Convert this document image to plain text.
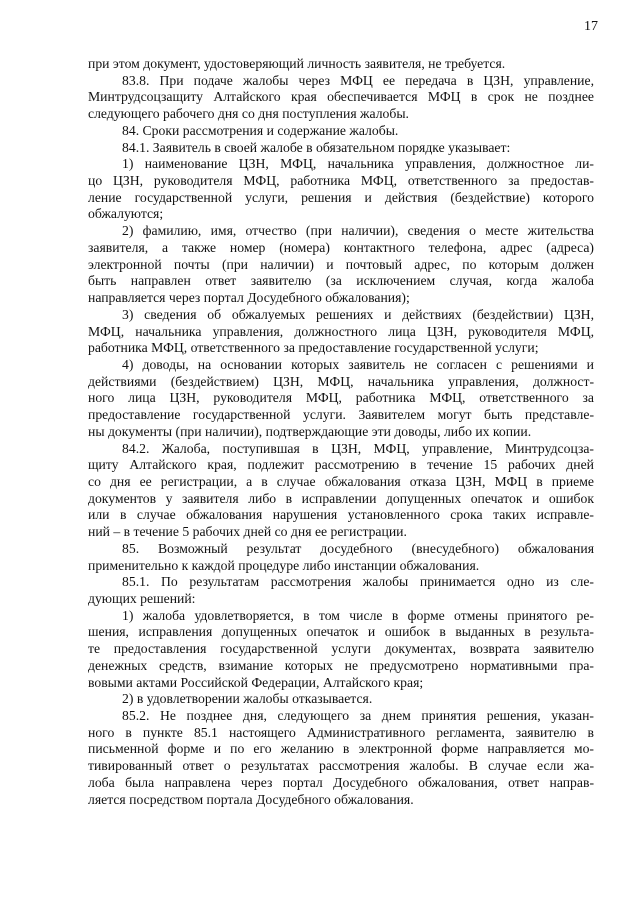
17
при этом документ, удостоверяющий личность заявителя, не требуется.
83.8. При подаче жалобы через МФЦ ее передача в ЦЗН, управление,
Минтрудсоцзащиту Алтайского края обеспечивается МФЦ в срок не позднее
следующего рабочего дня со дня поступления жалобы.
84. Сроки рассмотрения и содержание жалобы.
84.1. Заявитель в своей жалобе в обязательном порядке указывает:
1) наименование ЦЗН, МФЦ, начальника управления, должностное ли-
цо ЦЗН, руководителя МФЦ, работника МФЦ, ответственного за предостав-
ление государственной услуги, решения и действия (бездействие) которого
обжалуются;
2) фамилию, имя, отчество (при наличии), сведения о месте жительства
заявителя, а также номер (номера) контактного телефона, адрес (адреса)
электронной почты (при наличии) и почтовый адрес, по которым должен
быть направлен ответ заявителю (за исключением случая, когда жалоба
направляется через портал Досудебного обжалования);
3) сведения об обжалуемых решениях и действиях (бездействии) ЦЗН,
МФЦ, начальника управления, должностного лица ЦЗН, руководителя МФЦ,
работника МФЦ, ответственного за предоставление государственной услуги;
4) доводы, на основании которых заявитель не согласен с решениями и
действиями (бездействием) ЦЗН, МФЦ, начальника управления, должност-
ного лица ЦЗН, руководителя МФЦ, работника МФЦ, ответственного за
предоставление государственной услуги. Заявителем могут быть представле-
ны документы (при наличии), подтверждающие эти доводы, либо их копии.
84.2. Жалоба, поступившая в ЦЗН, МФЦ, управление, Минтрудсоцза-
щиту Алтайского края, подлежит рассмотрению в течение 15 рабочих дней
со дня ее регистрации, а в случае обжалования отказа ЦЗН, МФЦ в приеме
документов у заявителя либо в исправлении допущенных опечаток и ошибок
или в случае обжалования нарушения установленного срока таких исправле-
ний – в течение 5 рабочих дней со дня ее регистрации.
85. Возможный результат досудебного (внесудебного) обжалования
применительно к каждой процедуре либо инстанции обжалования.
85.1. По результатам рассмотрения жалобы принимается одно из сле-
дующих решений:
1) жалоба удовлетворяется, в том числе в форме отмены принятого ре-
шения, исправления допущенных опечаток и ошибок в выданных в результа-
те предоставления государственной услуги документах, возврата заявителю
денежных средств, взимание которых не предусмотрено нормативными пра-
вовыми актами Российской Федерации, Алтайского края;
2) в удовлетворении жалобы отказывается.
85.2. Не позднее дня, следующего за днем принятия решения, указан-
ного в пункте 85.1 настоящего Административного регламента, заявителю в
письменной форме и по его желанию в электронной форме направляется мо-
тивированный ответ о результатах рассмотрения жалобы. В случае если жа-
лоба была направлена через портал Досудебного обжалования, ответ направ-
ляется посредством портала Досудебного обжалования.
